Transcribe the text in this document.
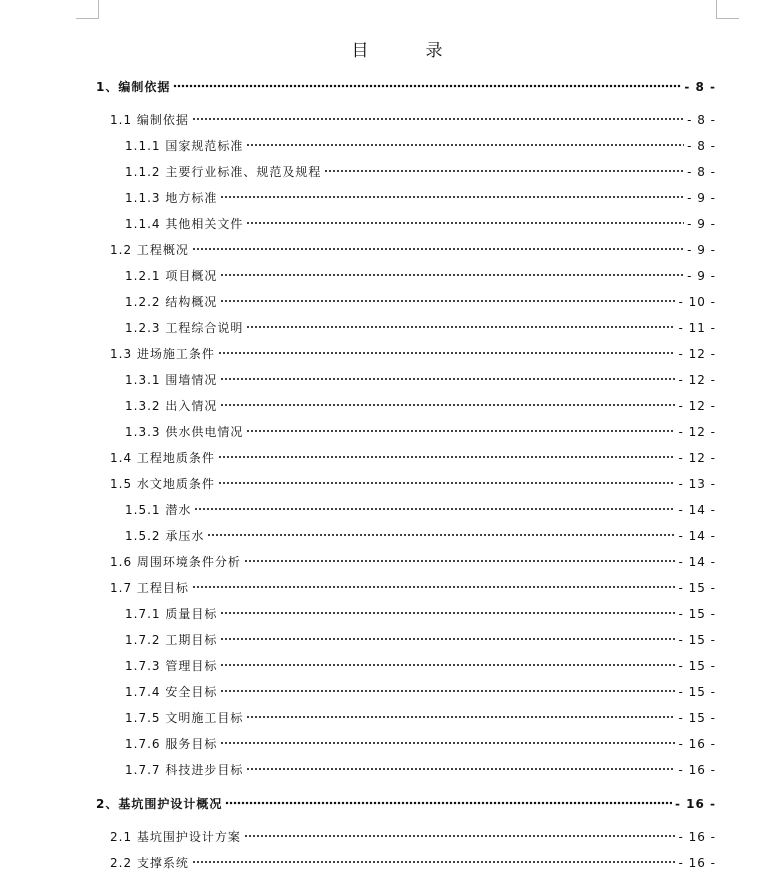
目　录
1、编制依据	- 8 -
1.1 编制依据	- 8 -
1.1.1 国家规范标准	- 8 -
1.1.2 主要行业标准、规范及规程	- 8 -
1.1.3 地方标准	- 9 -
1.1.4 其他相关文件	- 9 -
1.2 工程概况	- 9 -
1.2.1 项目概况	- 9 -
1.2.2 结构概况	- 10 -
1.2.3 工程综合说明	- 11 -
1.3 进场施工条件	- 12 -
1.3.1 围墙情况	- 12 -
1.3.2 出入情况	- 12 -
1.3.3 供水供电情况	- 12 -
1.4 工程地质条件	- 12 -
1.5 水文地质条件	- 13 -
1.5.1 潜水	- 14 -
1.5.2 承压水	- 14 -
1.6 周围环境条件分析	- 14 -
1.7 工程目标	- 15 -
1.7.1 质量目标	- 15 -
1.7.2 工期目标	- 15 -
1.7.3 管理目标	- 15 -
1.7.4 安全目标	- 15 -
1.7.5 文明施工目标	- 15 -
1.7.6 服务目标	- 16 -
1.7.7 科技进步目标	- 16 -
2、基坑围护设计概况	- 16 -
2.1 基坑围护设计方案	- 16 -
2.2 支撑系统	- 16 -
